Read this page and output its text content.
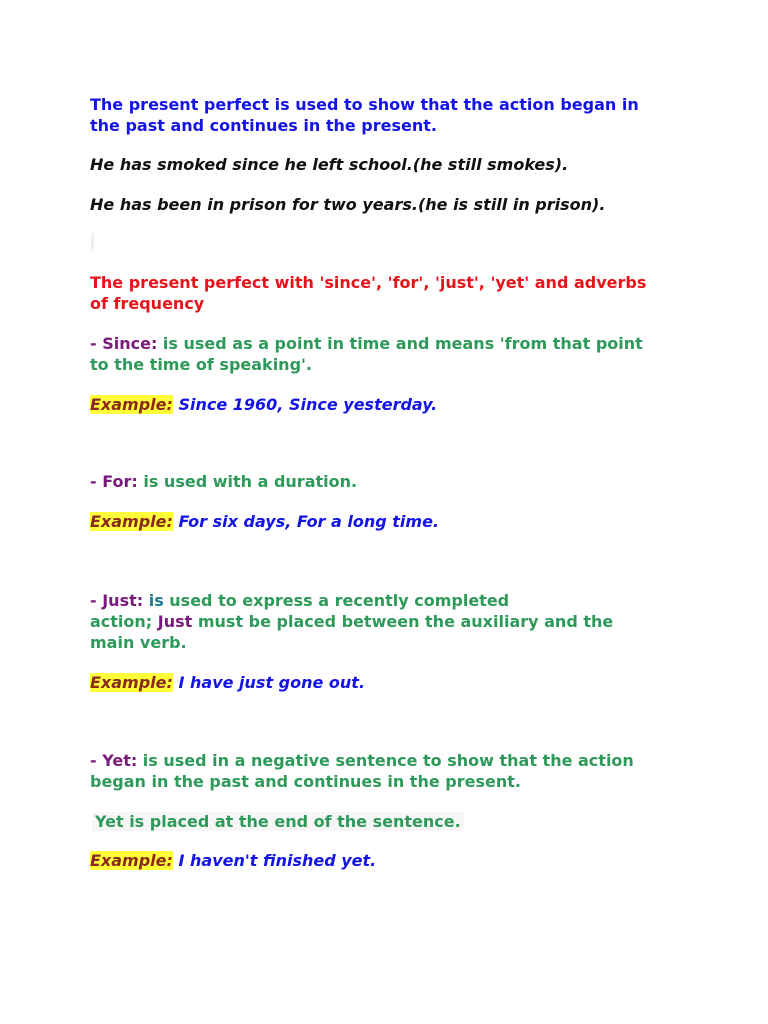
The present perfect is used to show that the action began in
the past and continues in the present.
He has smoked since he left school.(he still smokes).
He has been in prison for two years.(he is still in prison).
The present perfect with 'since', 'for', 'just', 'yet' and adverbs
of frequency
- Since: is used as a point in time and means 'from that point
to the time of speaking'.
Example: Since 1960, Since yesterday.
- For: is used with a duration.
Example: For six days, For a long time.
- Just: is used to express a recently completed
action; Just must be placed between the auxiliary and the
main verb.
Example: I have just gone out.
- Yet: is used in a negative sentence to show that the action
began in the past and continues in the present.
Yet is placed at the end of the sentence.
Example: I haven't finished yet.
